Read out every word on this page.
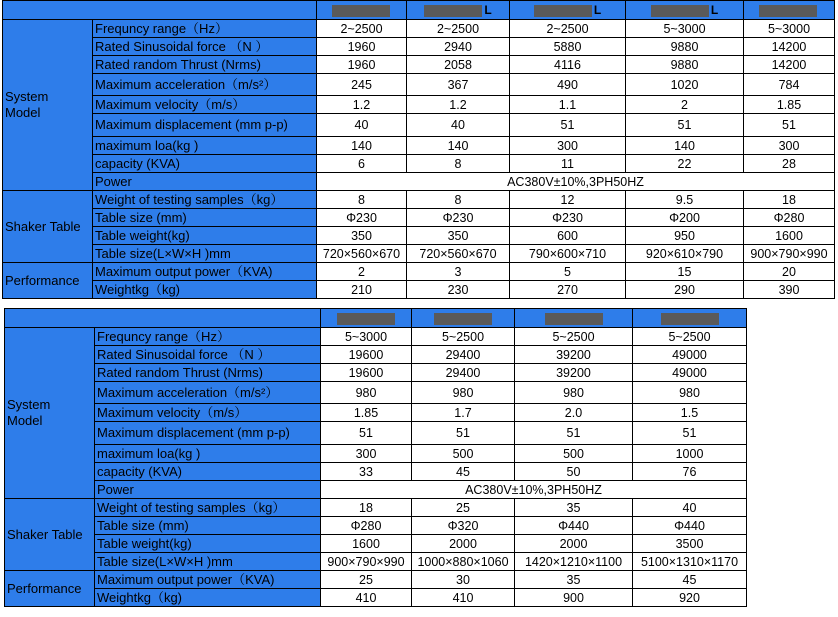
			L	L	L	
System
Model	Frequncy range（Hz）	2~2500	2~2500	2~2500	5~3000	5~3000
	Rated Sinusoidal force （N ）	1960	2940	5880	9880	14200
	Rated random Thrust (Nrms)	1960	2058	4116	9880	14200
	Maximum acceleration（m/s²）	245	367	490	1020	784
	Maximum velocity（m/s）	1.2	1.2	1.1	2	1.85
	Maximum displacement (mm p-p)	40	40	51	51	51
	maximum loa(kg )	140	140	300	140	300
	capacity (KVA)	6	8	11	22	28
	Power	AC380V±10%,3PH50HZ				
Shaker Table	Weight of testing samples（kg）	8	8	12	9.5	18
	Table size (mm)	Φ230	Φ230	Φ230	Φ200	Φ280
	Table weight(kg)	350	350	600	950	1600
	Table size(L×W×H )mm	720×560×670	720×560×670	790×600×710	920×610×790	900×790×990
Performance	Maximum output power（KVA)	2	3	5	15	20
	Weightkg（kg)	210	230	270	290	390

System
Model	Frequncy range（Hz）	5~3000	5~2500	5~2500	5~2500
	Rated Sinusoidal force （N ）	19600	29400	39200	49000
	Rated random Thrust (Nrms)	19600	29400	39200	49000
	Maximum acceleration（m/s²）	980	980	980	980
	Maximum velocity（m/s）	1.85	1.7	2.0	1.5
	Maximum displacement (mm p-p)	51	51	51	51
	maximum loa(kg )	300	500	500	1000
	capacity (KVA)	33	45	50	76
	Power	AC380V±10%,3PH50HZ			
Shaker Table	Weight of testing samples（kg）	18	25	35	40
	Table size (mm)	Φ280	Φ320	Φ440	Φ440
	Table weight(kg)	1600	2000	2000	3500
	Table size(L×W×H )mm	900×790×990	1000×880×1060	1420×1210×1100	5100×1310×1170
Performance	Maximum output power（KVA)	25	30	35	45
	Weightkg（kg)	410	410	900	920
